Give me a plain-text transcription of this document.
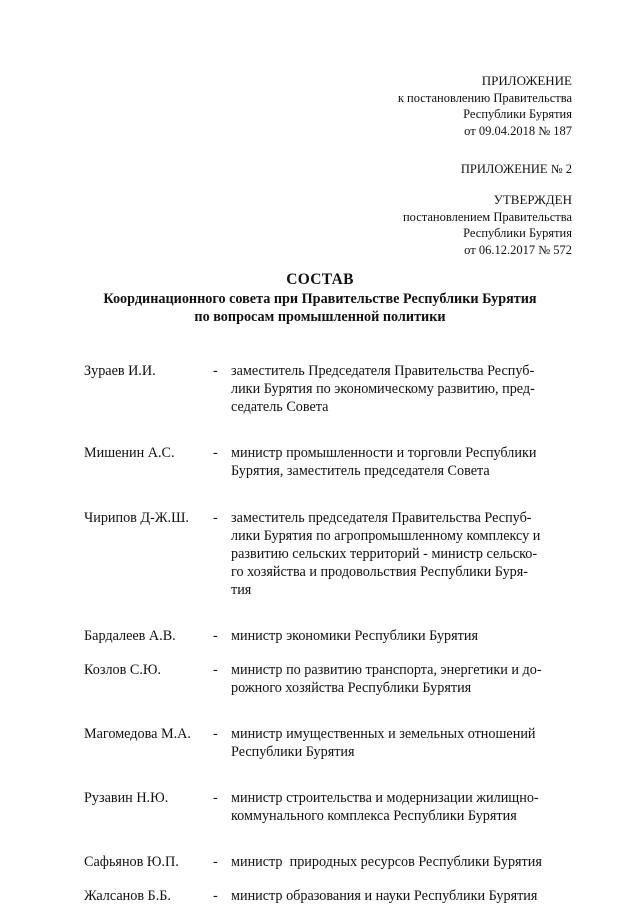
ПРИЛОЖЕНИЕ
к постановлению Правительства
Республики Бурятия
от 09.04.2018 № 187
ПРИЛОЖЕНИЕ № 2
УТВЕРЖДЕН
постановлением Правительства
Республики Бурятия
от 06.12.2017 № 572
СОСТАВ
Координационного совета при Правительстве Республики Бурятия
по вопросам промышленной политики
Зураев И.И.	- заместитель Председателя Правительства Респуб-
лики Бурятия по экономическому развитию, пред-
седатель Совета
Мишенин А.С.	- министр промышленности и торговли Республики
Бурятия, заместитель председателя Совета
Чирипов Д-Ж.Ш. - заместитель председателя Правительства Респуб-
лики Бурятия по агропромышленному комплексу и
развитию сельских территорий - министр сельско-
го хозяйства и продовольствия Республики Буря-
тия
Бардалеев А.В.	- министр экономики Республики Бурятия
Козлов С.Ю.	- министр по развитию транспорта, энергетики и до-
рожного хозяйства Республики Бурятия
Магомедова М.А. - министр имущественных и земельных отношений
Республики Бурятия
Рузавин Н.Ю.	- министр строительства и модернизации жилищно-
коммунального комплекса Республики Бурятия
Сафьянов Ю.П. - министр  природных ресурсов Республики Бурятия
Жалсанов Б.Б.	- министр образования и науки Республики Бурятия
